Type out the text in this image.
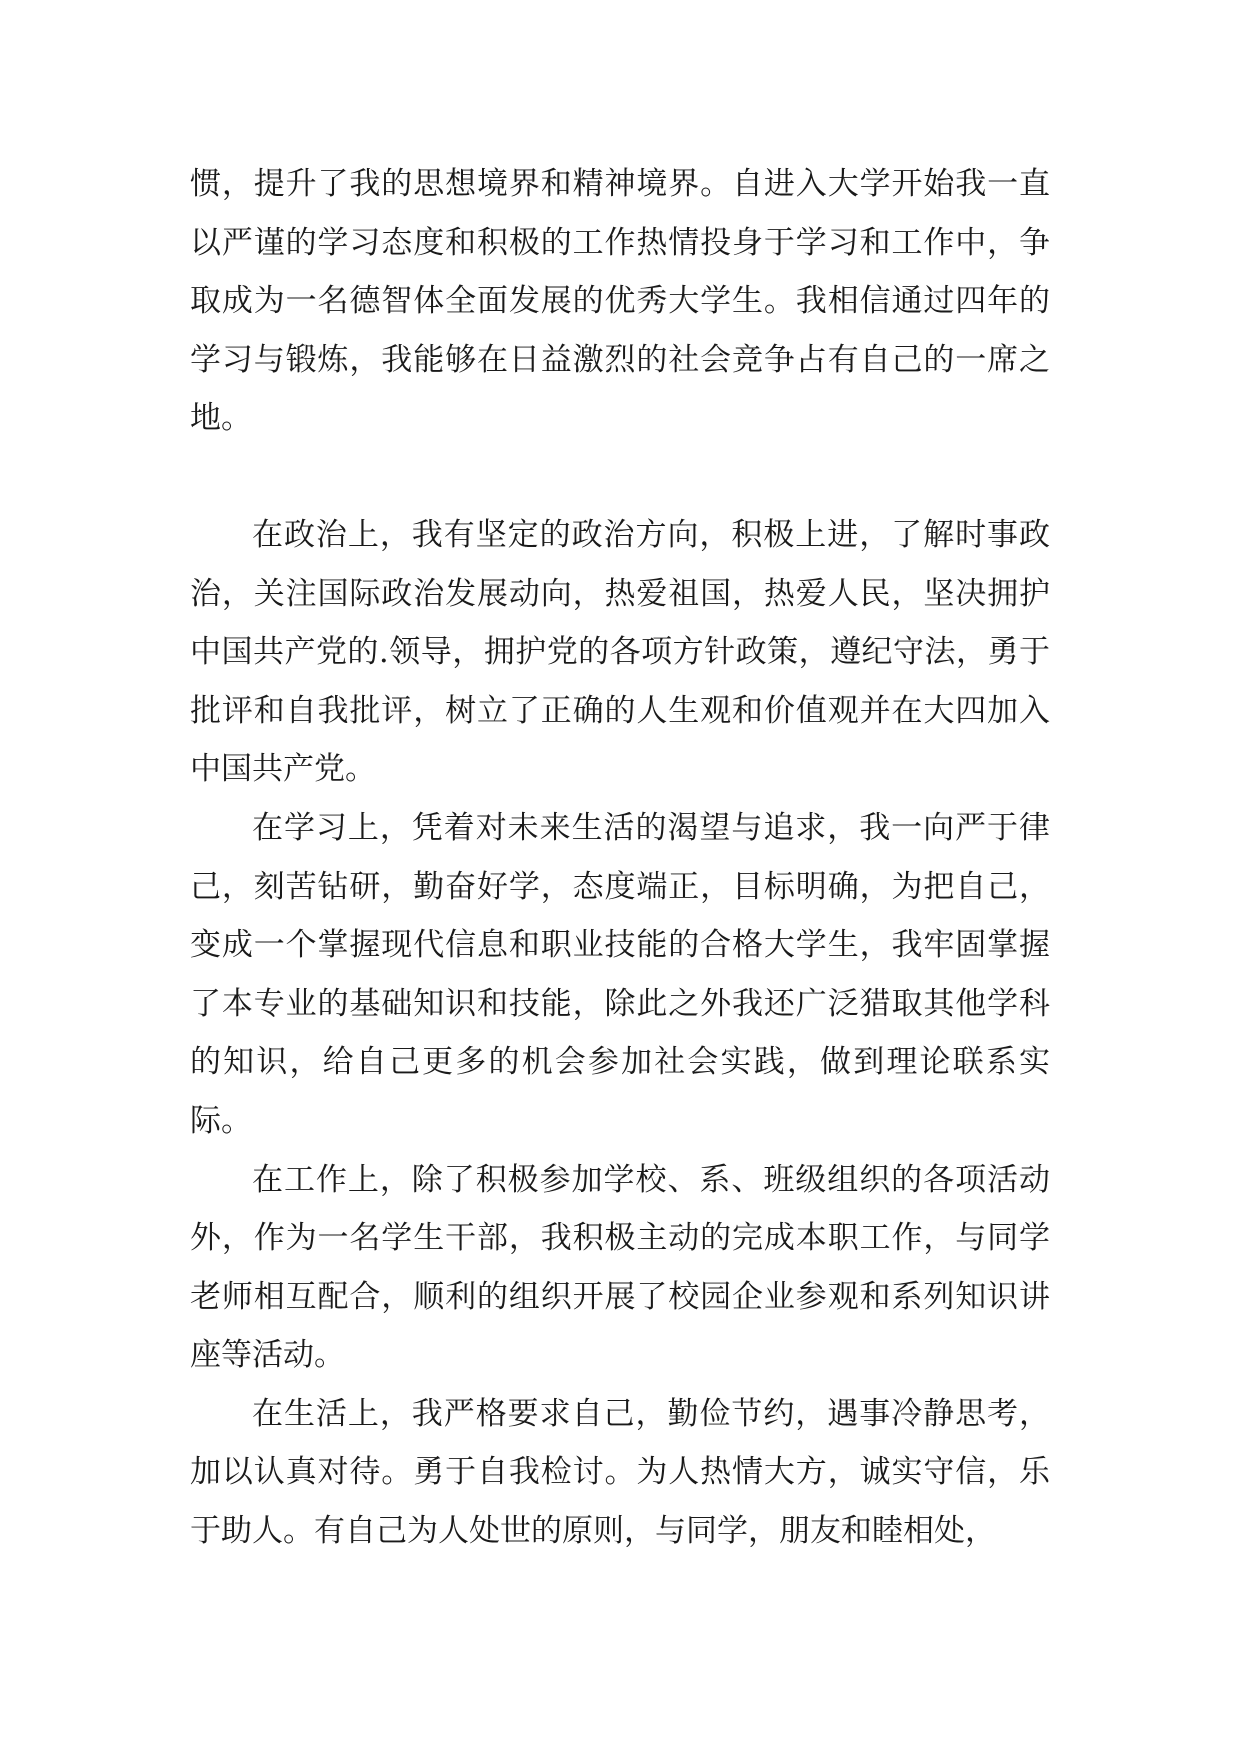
惯，提升了我的思想境界和精神境界。自进入大学开始我一直以严谨的学习态度和积极的工作热情投身于学习和工作中，争取成为一名德智体全面发展的优秀大学生。我相信通过四年的学习与锻炼，我能够在日益激烈的社会竞争占有自己的一席之地。

在政治上，我有坚定的政治方向，积极上进，了解时事政治，关注国际政治发展动向，热爱祖国，热爱人民，坚决拥护中国共产党的.领导，拥护党的各项方针政策，遵纪守法，勇于批评和自我批评，树立了正确的人生观和价值观并在大四加入中国共产党。

在学习上，凭着对未来生活的渴望与追求，我一向严于律己，刻苦钻研，勤奋好学，态度端正，目标明确，为把自己，变成一个掌握现代信息和职业技能的合格大学生，我牢固掌握了本专业的基础知识和技能，除此之外我还广泛猎取其他学科的知识，给自己更多的机会参加社会实践，做到理论联系实际。

在工作上，除了积极参加学校、系、班级组织的各项活动外，作为一名学生干部，我积极主动的完成本职工作，与同学老师相互配合，顺利的组织开展了校园企业参观和系列知识讲座等活动。

在生活上，我严格要求自己，勤俭节约，遇事冷静思考，加以认真对待。勇于自我检讨。为人热情大方，诚实守信，乐于助人。有自己为人处世的原则，与同学，朋友和睦相处，
